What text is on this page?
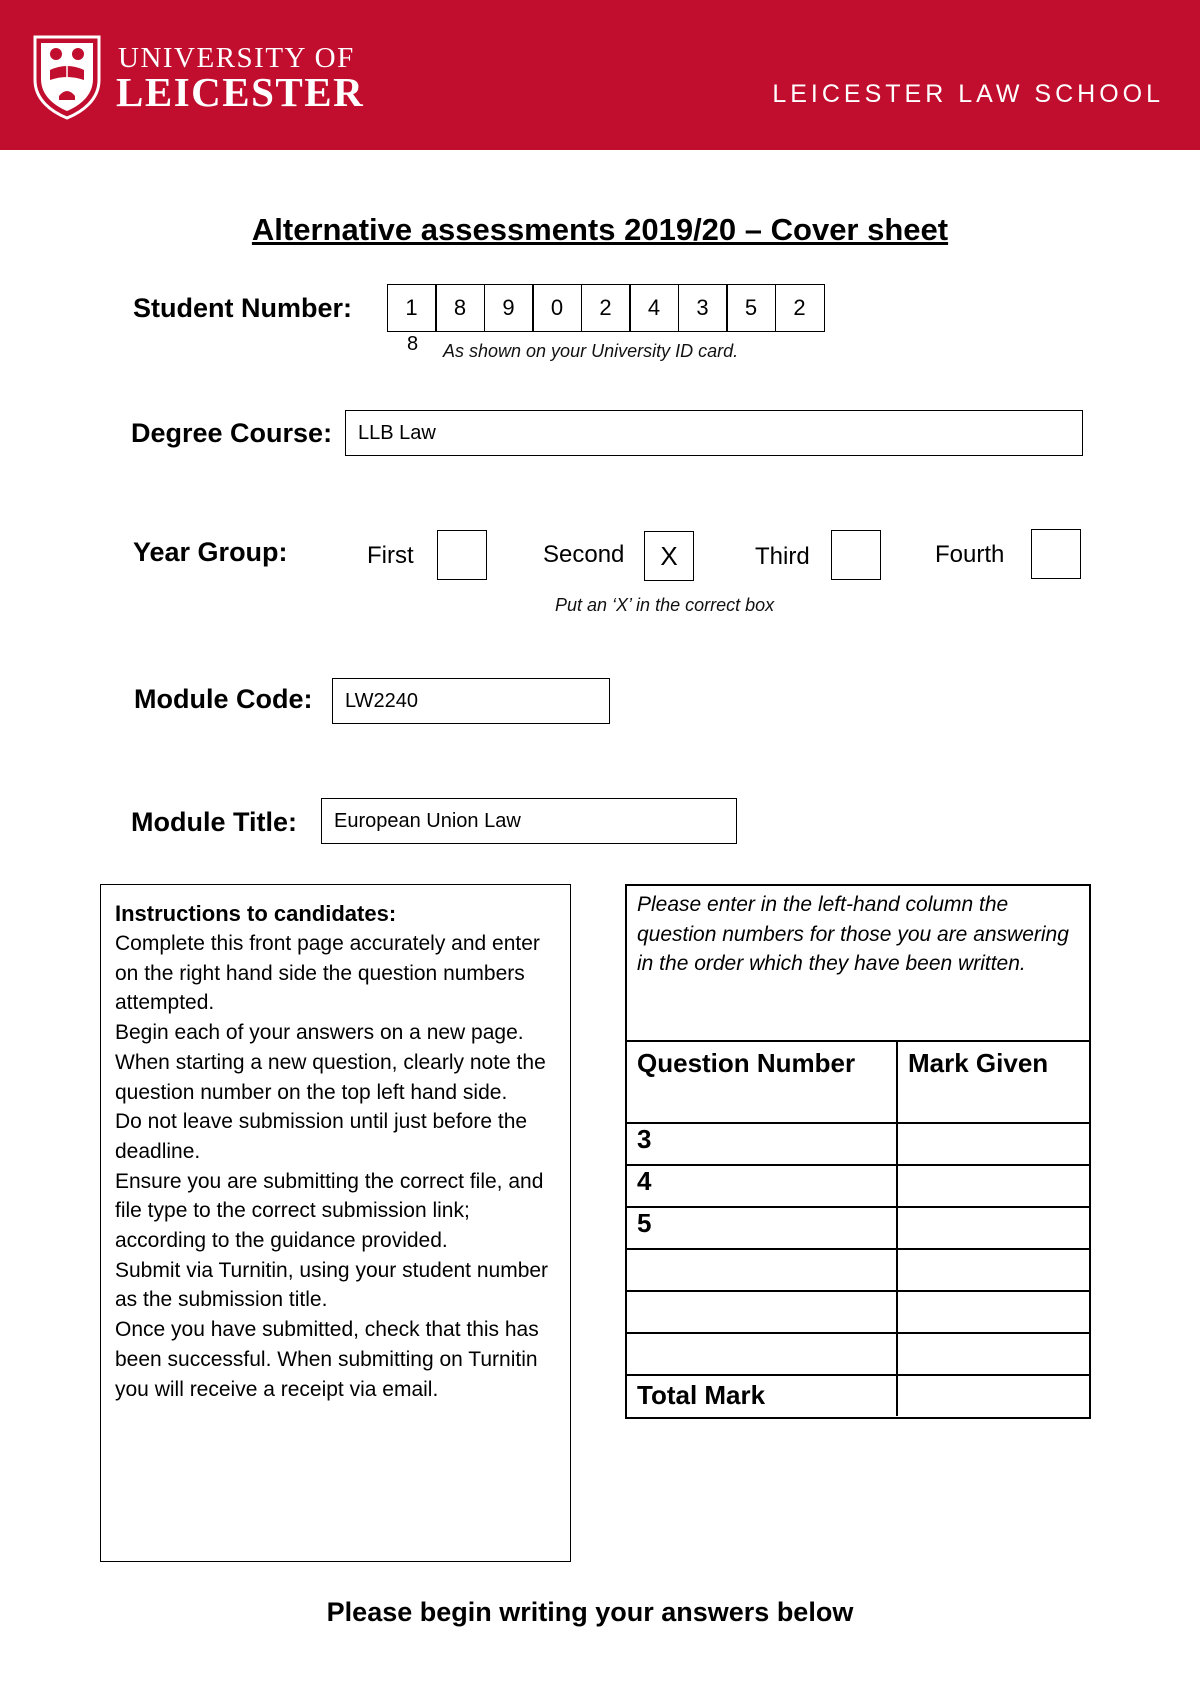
UNIVERSITY OF
LEICESTER	LEICESTER LAW SCHOOL
Alternative assessments 2019/20 – Cover sheet
Student Number:	1	8	9	0	2	4	3	5	2
8 As shown on your University ID card.
Degree Course:	LLB Law
Year Group:	First	Second	X	Third	Fourth
Put an ‘X’ in the correct box
Module Code:	LW2240
Module Title:	European Union Law
Instructions to candidates:

Complete this front page accurately and enter on the right hand side the question numbers attempted.

Begin each of your answers on a new page. When starting a new question, clearly note the question number on the top left hand side.

Do not leave submission until just before the deadline.

Ensure you are submitting the correct file, and file type to the correct submission link; according to the guidance provided.

Submit via Turnitin, using your student number as the submission title.

Once you have submitted, check that this has been successful. When submitting on Turnitin you will receive a receipt via email.

Please enter in the left-hand column the question numbers for those you are answering in the order which they have been written.
Question Number	Mark Given
3	
4	
5	

Total Mark	
Please begin writing your answers below
